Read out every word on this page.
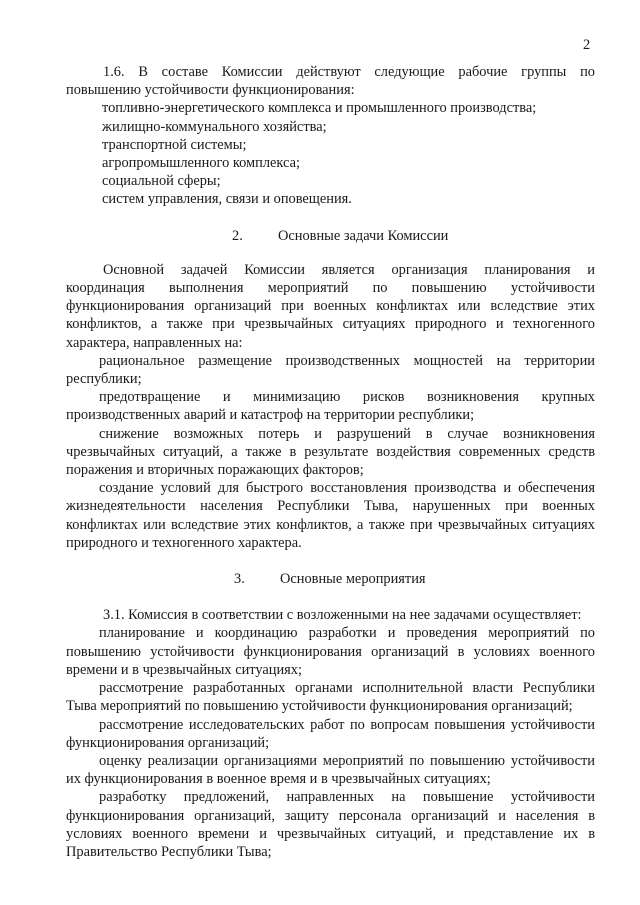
2

1.6. В составе Комиссии действуют следующие рабочие группы по

повышению устойчивости функционирования:

топливно-энергетического комплекса и промышленного производства;

жилищно-коммунального хозяйства;

транспортной системы;

агропромышленного комплекса;

социальной сферы;

систем управления, связи и оповещения.

2. Основные задачи Комиссии

Основной задачей Комиссии является организация планирования и координация выполнения мероприятий по повышению устойчивости функционирования организаций при военных конфликтах или вследствие этих конфликтов, а также при чрезвычайных ситуациях природного и техногенного характера, направленных на:

рациональное размещение производственных мощностей на территории республики;

предотвращение и минимизацию рисков возникновения крупных производственных аварий и катастроф на территории республики;

снижение возможных потерь и разрушений в случае возникновения чрезвычайных ситуаций, а также в результате воздействия современных средств поражения и вторичных поражающих факторов;

создание условий для быстрого восстановления производства и обеспечения жизнедеятельности населения Республики Тыва, нарушенных при военных конфликтах или вследствие этих конфликтов, а также при чрезвычайных ситуациях природного и техногенного характера.

3. Основные мероприятия

3.1. Комиссия в соответствии с возложенными на нее задачами осуществляет:

планирование и координацию разработки и проведения мероприятий по повышению устойчивости функционирования организаций в условиях военного времени и в чрезвычайных ситуациях;

рассмотрение разработанных органами исполнительной власти Республики Тыва мероприятий по повышению устойчивости функционирования организаций;

рассмотрение исследовательских работ по вопросам повышения устойчивости функционирования организаций;

оценку реализации организациями мероприятий по повышению устойчивости их функционирования в военное время и в чрезвычайных ситуациях;

разработку предложений, направленных на повышение устойчивости функционирования организаций, защиту персонала организаций и населения в условиях военного времени и чрезвычайных ситуаций, и представление их в Правительство Республики Тыва;
